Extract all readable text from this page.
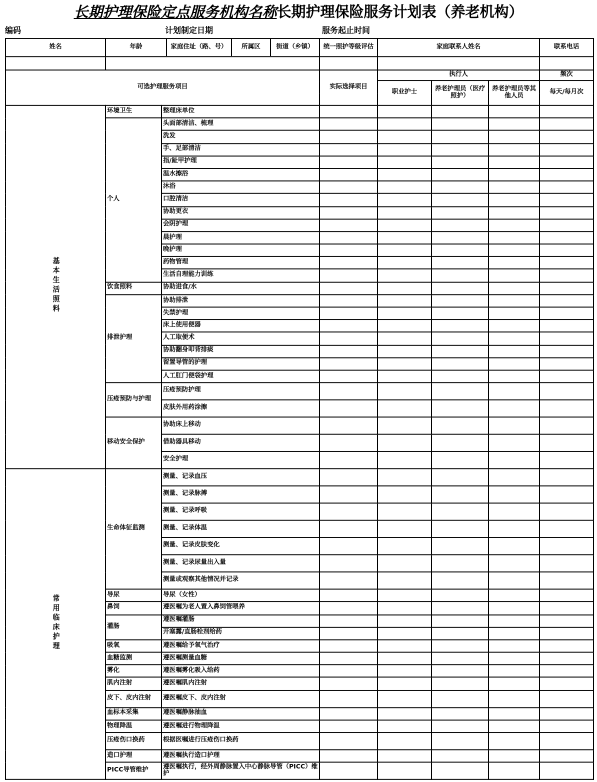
长期护理保险定点服务机构名称长期护理保险服务计划表（养老机构）
编码	计划制定日期	服务起止时间
姓名	年龄 家庭住址（路、号） 所属区 街道（乡镇）		统一照护等级评估	家庭联系人姓名			联系电话

可选护理服务项目			实际选择项目	执行人			频次
				职业护士	养老护理员（医疗照护）	养老护理员等其他人员	每天/每月次

基本生活照料	环境卫生	整理床单位					
	个人	头面部清洁、梳理					
		洗发					
		手、足部清洁					
		指/趾甲护理					
		温水擦浴					
		沐浴					
		口腔清洁					
		协助更衣					
		会阴护理					
		晨护理					
		晚护理					
		药物管理					
		生活自理能力训练					
	饮食照料	协助进食/水					
	排泄护理	协助排泄					
		失禁护理					
		床上使用便器					
		人工取便术					
		协助翻身叩背排痰					
		留置导管的护理					
		人工肛门便袋护理					
	压疮预防与护理	压疮预防护理					
		皮肤外用药涂擦					
	移动安全保护	协助床上移动					
		借助器具移动					
		安全护理					
常用临床护理	生命体征监测	测量、记录血压					
		测量、记录脉搏					
		测量、记录呼吸					
		测量、记录体温					
		测量、记录皮肤变化					
		测量、记录尿量出入量					
		测量或观察其他情况并记录					
	导尿	导尿（女性）					
	鼻饲	遵医嘱为老人置入鼻饲管喂养					
	灌肠	遵医嘱灌肠					
		开塞露/直肠栓剂给药					
	吸氧	遵医嘱给予氧气治疗					
	血糖监测	遵医嘱测量血糖					
	雾化	遵医嘱雾化吸入给药					
	肌内注射	遵医嘱肌内注射					
	皮下、皮内注射	遵医嘱皮下、皮内注射					
	血标本采集	遵医嘱静脉抽血					
	物理降温	遵医嘱进行物理降温					
	压疮伤口换药	根据医嘱进行压疮伤口换药					
	造口护理	遵医嘱执行造口护理					
	PICC导管维护	遵医嘱执行，经外周静脉置入中心静脉导管（PICC）维护					
